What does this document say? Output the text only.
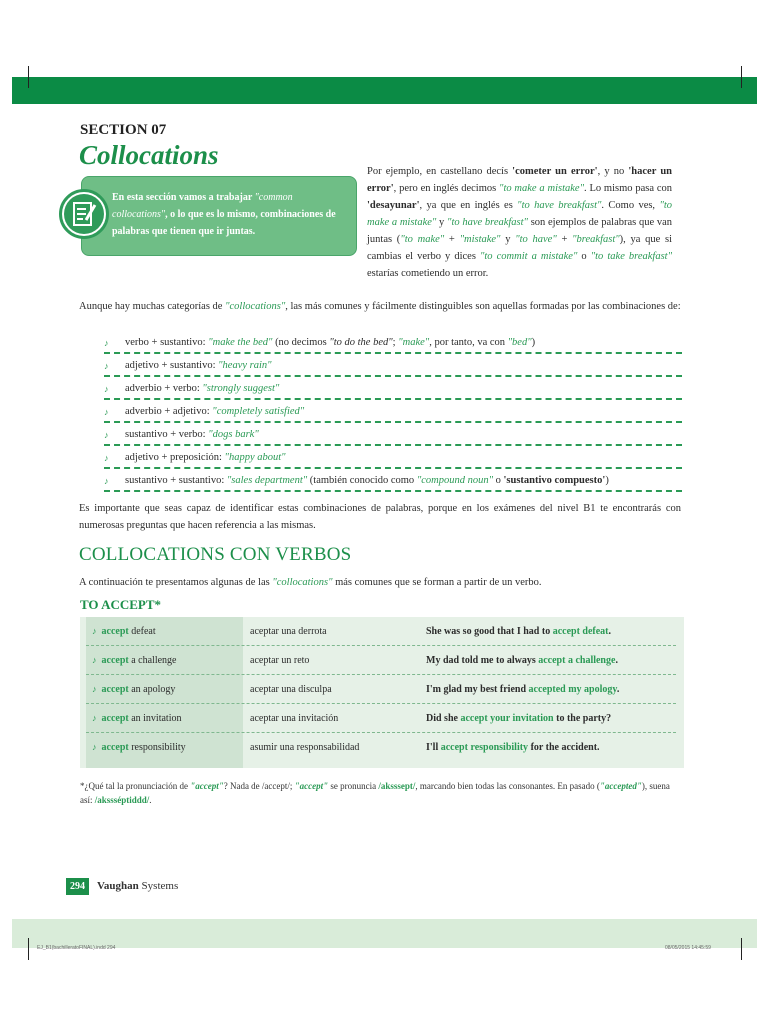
SECTION 07
Collocations
En esta sección vamos a trabajar "common collocations", o lo que es lo mismo, combinaciones de palabras que tienen que ir juntas.
Por ejemplo, en castellano decís 'cometer un error', y no 'hacer un error', pero en inglés decimos "to make a mistake". Lo mismo pasa con 'desayunar', ya que en inglés es "to have breakfast". Como ves, "to make a mistake" y "to have breakfast" son ejemplos de palabras que van juntas ("to make" + "mistake" y "to have" + "breakfast"), ya que si cambias el verbo y dices "to commit a mistake" o "to take breakfast" estarías cometiendo un error.
Aunque hay muchas categorías de "collocations", las más comunes y fácilmente distinguibles son aquellas formadas por las combinaciones de:
♪ verbo + sustantivo: "make the bed" (no decimos "to do the bed"; "make", por tanto, va con "bed")
♪ adjetivo + sustantivo: "heavy rain"
♪ adverbio + verbo: "strongly suggest"
♪ adverbio + adjetivo: "completely satisfied"
♪ sustantivo + verbo: "dogs bark"
♪ adjetivo + preposición: "happy about"
♪ sustantivo + sustantivo: "sales department" (también conocido como "compound noun" o 'sustantivo compuesto')
Es importante que seas capaz de identificar estas combinaciones de palabras, porque en los exámenes del nivel B1 te encontrarás con numerosas preguntas que hacen referencia a las mismas.
COLLOCATIONS CON VERBOS
A continuación te presentamos algunas de las "collocations" más comunes que se forman a partir de un verbo.
TO ACCEPT*
♪ accept defeat	aceptar una derrota	She was so good that I had to accept defeat.
♪ accept a challenge	aceptar un reto	My dad told me to always accept a challenge.
♪ accept an apology	aceptar una disculpa	I'm glad my best friend accepted my apology.
♪ accept an invitation	aceptar una invitación	Did she accept your invitation to the party?
♪ accept responsibility	asumir una responsabilidad	I'll accept responsibility for the accident.
*¿Qué tal la pronunciación de "accept"? Nada de /accept/; "accept" se pronuncia /aksssept/, marcando bien todas las consonantes. En pasado ("accepted"), suena así: /akssséptiddd/.
294	Vaughan Systems
EJ_B1(bachilleratoFINAL).indd 294	08/05/2015 14:45:59
